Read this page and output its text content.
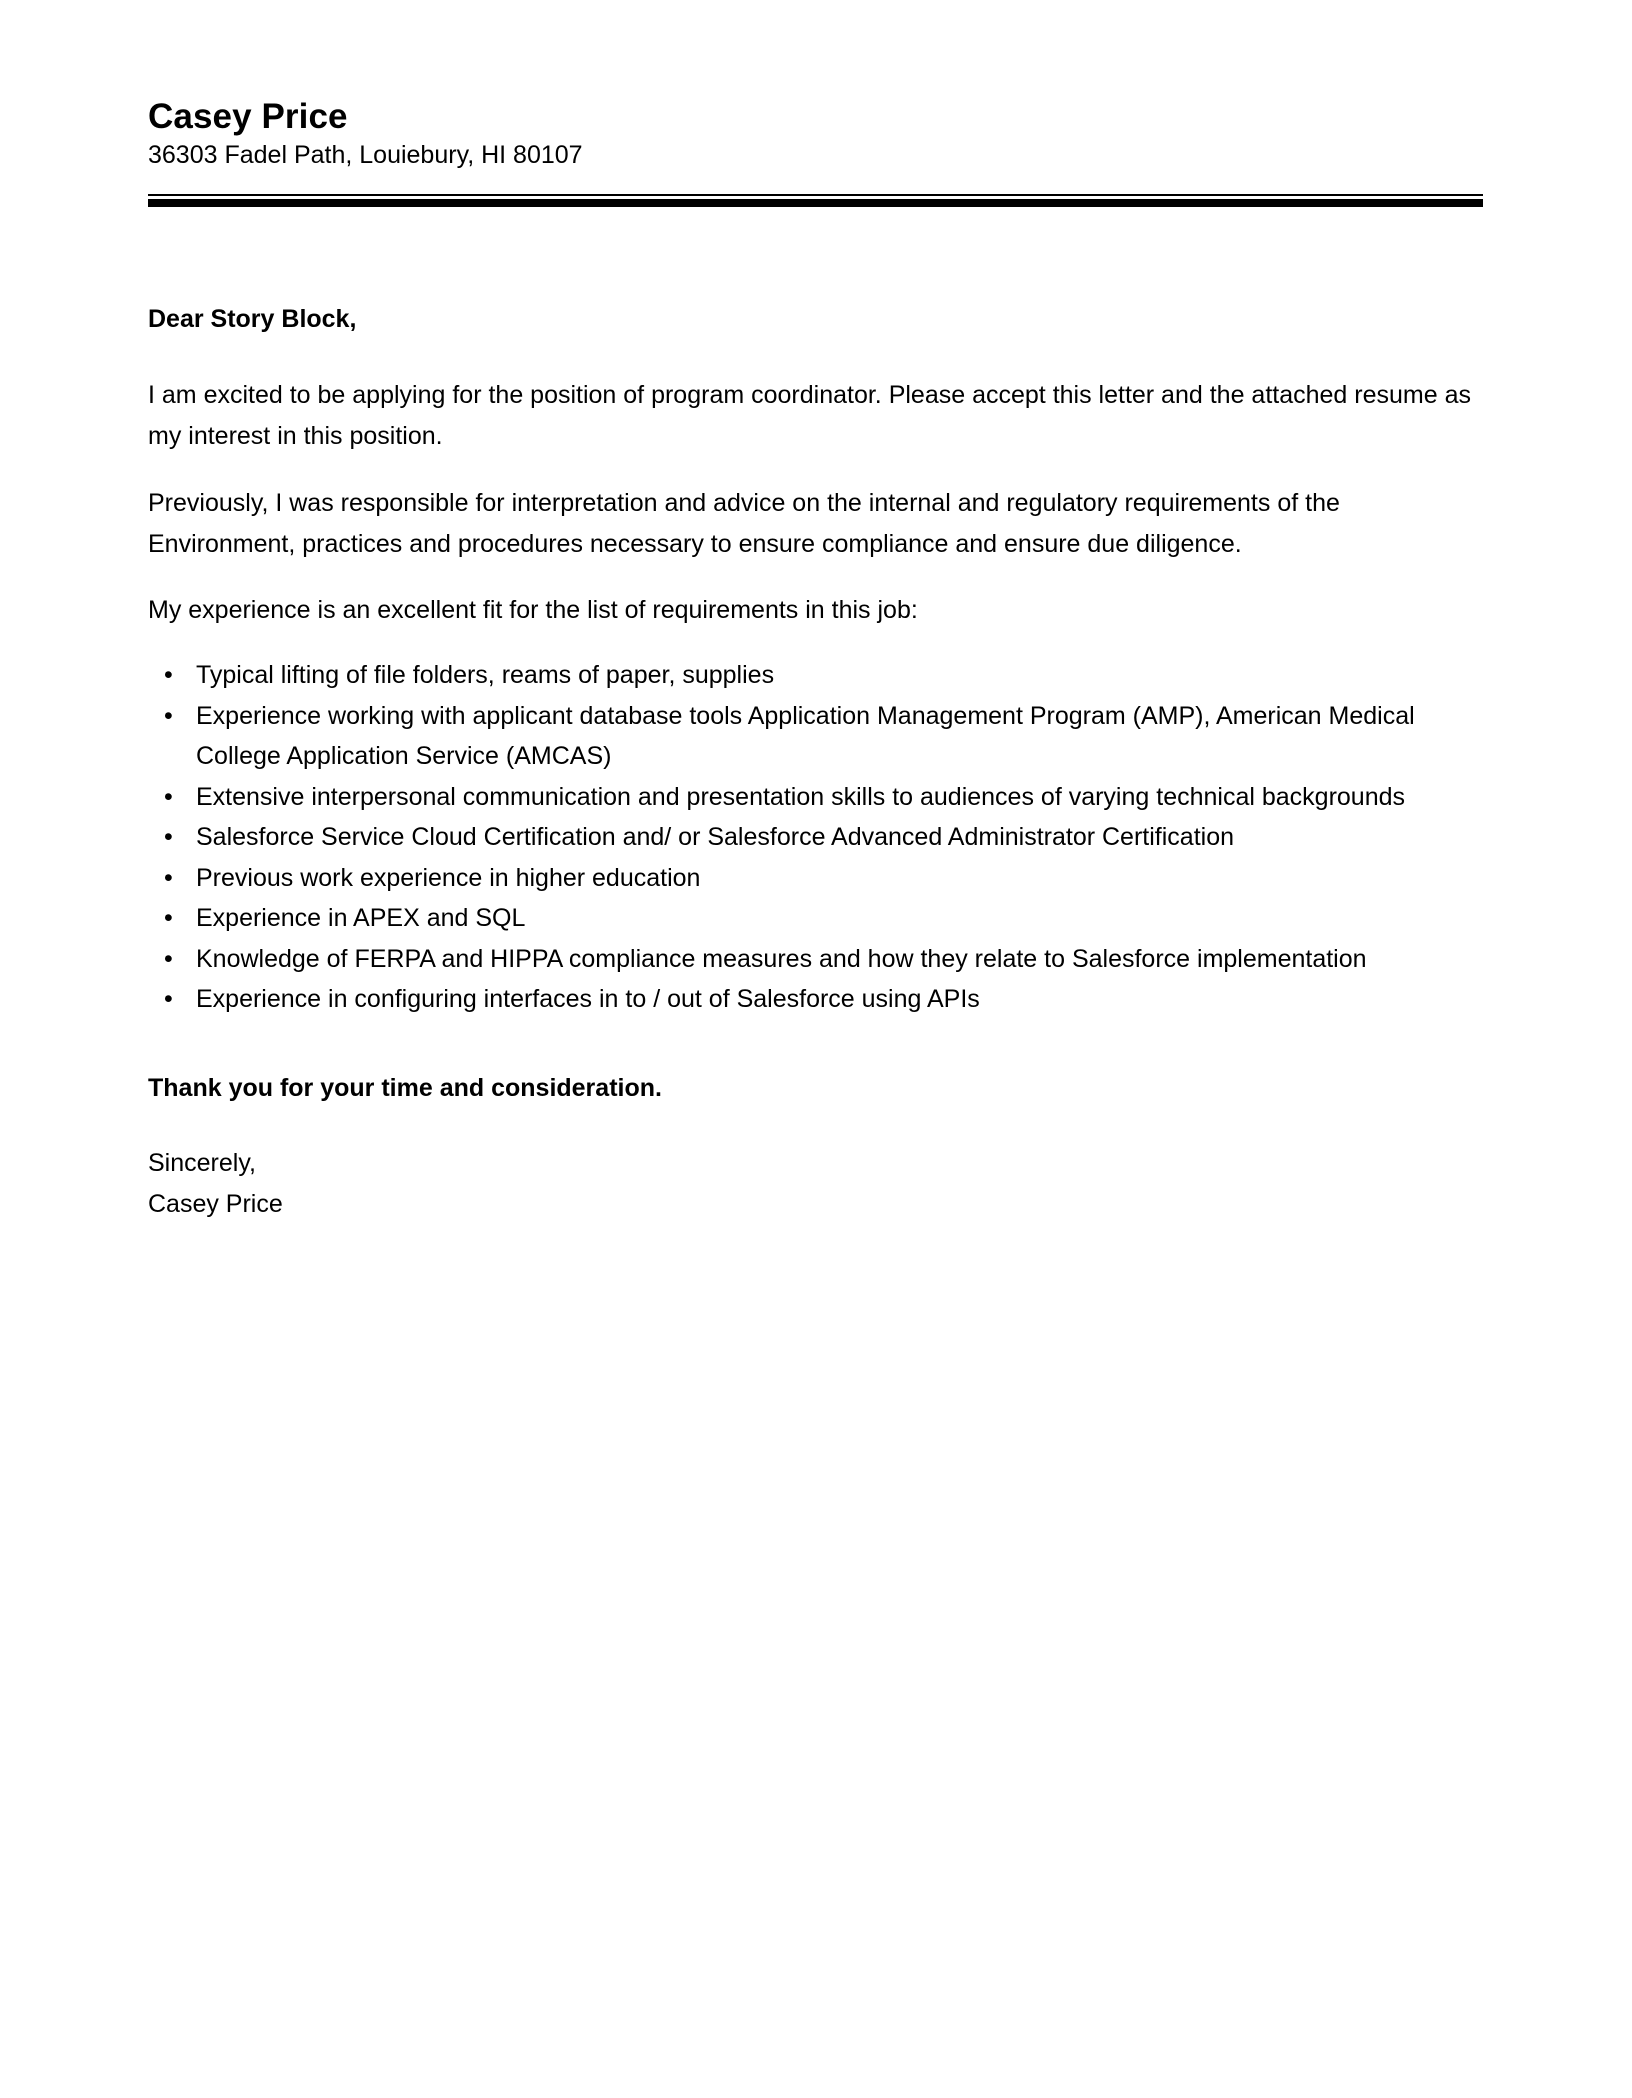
Casey Price

36303 Fadel Path, Louiebury, HI 80107

Dear Story Block,

I am excited to be applying for the position of program coordinator. Please accept this letter and the attached resume as my interest in this position.

Previously, I was responsible for interpretation and advice on the internal and regulatory requirements of the Environment, practices and procedures necessary to ensure compliance and ensure due diligence.

My experience is an excellent fit for the list of requirements in this job:

• Typical lifting of file folders, reams of paper, supplies
• Experience working with applicant database tools Application Management Program (AMP), American Medical College Application Service (AMCAS)
• Extensive interpersonal communication and presentation skills to audiences of varying technical backgrounds
• Salesforce Service Cloud Certification and/ or Salesforce Advanced Administrator Certification
• Previous work experience in higher education
• Experience in APEX and SQL
• Knowledge of FERPA and HIPPA compliance measures and how they relate to Salesforce implementation
• Experience in configuring interfaces in to / out of Salesforce using APIs

Thank you for your time and consideration.

Sincerely,
Casey Price
